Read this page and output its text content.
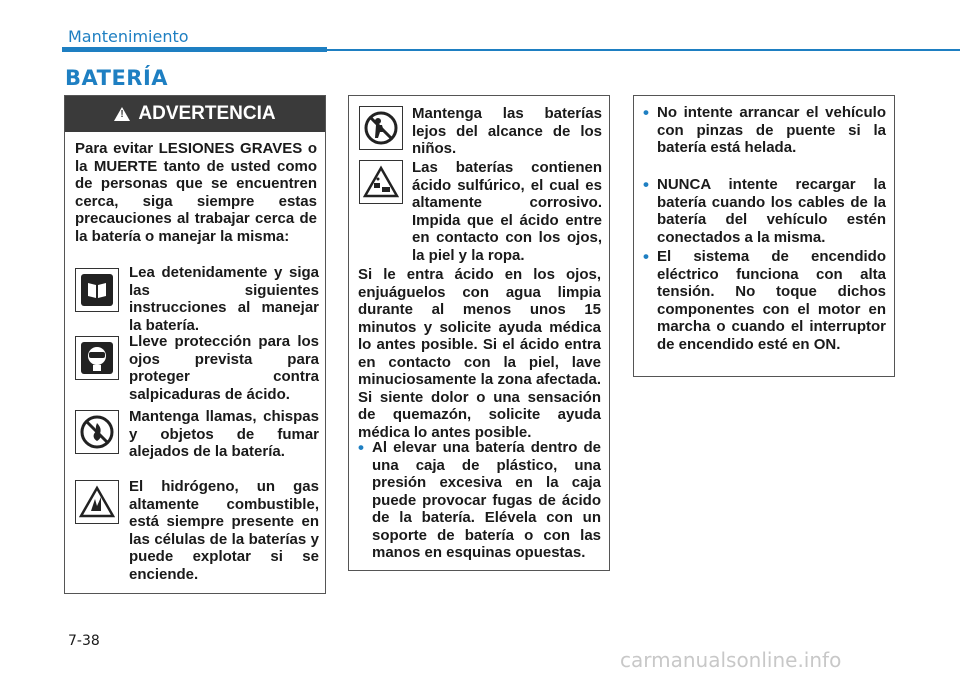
Mantenimiento
BATERÍA
!
ADVERTENCIA
Para evitar LESIONES GRAVES o la MUERTE tanto de usted como de personas que se encuentren cerca, siga siempre estas precauciones al trabajar cerca de la batería o manejar la misma:
Lea detenidamente y siga las siguientes instrucciones al manejar la batería.
Lleve protección para los ojos prevista para proteger contra salpicaduras de ácido.
Mantenga llamas, chispas y objetos de fumar alejados de la batería.
El hidrógeno, un gas altamente combustible, está siempre presente en las células de la baterías y puede explotar si se enciende.
Mantenga las baterías lejos del alcance de los niños.
Las baterías contienen ácido sulfúrico, el cual es altamente corrosivo. Impida que el ácido entre en contacto con los ojos, la piel y la ropa.
Si le entra ácido en los ojos, enjuáguelos con agua limpia durante al menos unos 15 minutos y solicite ayuda médica lo antes posible. Si el ácido entra en contacto con la piel, lave minuciosamente la zona afectada. Si siente dolor o una sensación de quemazón, solicite ayuda médica lo antes posible.
• Al elevar una batería dentro de una caja de plástico, una presión excesiva en la caja puede provocar fugas de ácido de la batería. Elévela con un soporte de batería o con las manos en esquinas opuestas.
• No intente arrancar el vehículo con pinzas de puente si la batería está helada.
• NUNCA intente recargar la batería cuando los cables de la batería del vehículo estén conectados a la misma.
• El sistema de encendido eléctrico funciona con alta tensión. No toque dichos componentes con el motor en marcha o cuando el interruptor de encendido esté en ON.
7-38
carmanualsonline.info
